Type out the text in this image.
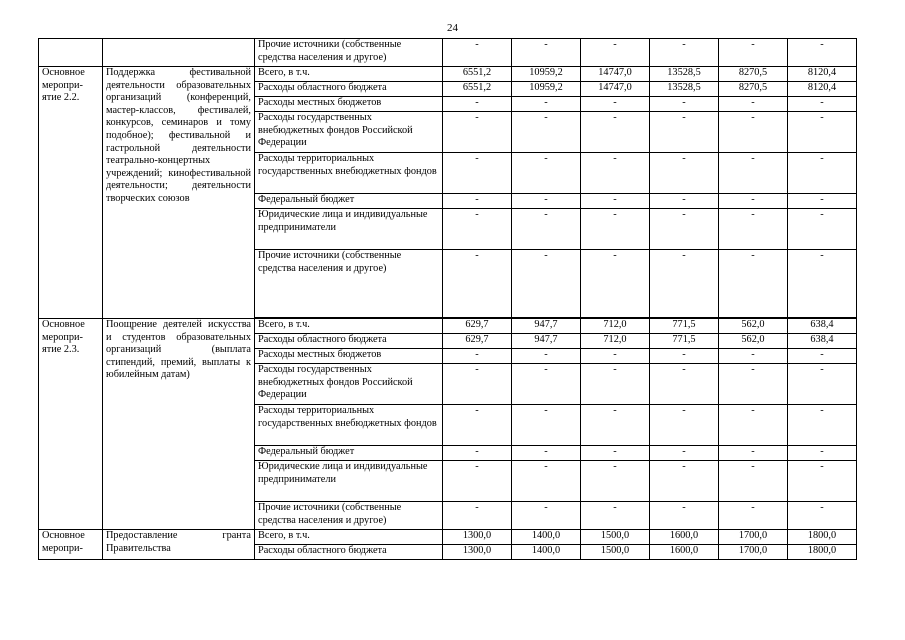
24
		Прочие источники (собственные средства населения и другое)	-	-	-	-	-	-
Основное меропри-ятие 2.2.	Поддержка фестивальной деятельности образовательных организаций (конференций, мастер-классов, фестивалей, конкурсов, семинаров и тому подобное); фестивальной и гастрольной деятельности театрально-концертных учреждений; кинофестивальной деятельности; деятельности творческих союзов	Всего, в т.ч.	6551,2	10959,2	14747,0	13528,5	8270,5	8120,4
		Расходы областного бюджета	6551,2	10959,2	14747,0	13528,5	8270,5	8120,4
		Расходы местных бюджетов	-	-	-	-	-	-
		Расходы государственных внебюджетных фондов Российской Федерации	-	-	-	-	-	-
		Расходы территориальных государственных внебюджетных фондов	-	-	-	-	-	-
		Федеральный бюджет	-	-	-	-	-	-
		Юридические лица и индивидуальные предприниматели	-	-	-	-	-	-
		Прочие источники (собственные средства населения и другое)	-	-	-	-	-	-

Основное меропри-ятие 2.3.	Поощрение деятелей искусства и студентов образовательных организаций (выплата стипендий, премий, выплаты к юбилейным датам)	Всего, в т.ч.	629,7	947,7	712,0	771,5	562,0	638,4
		Расходы областного бюджета	629,7	947,7	712,0	771,5	562,0	638,4
		Расходы местных бюджетов	-	-	-	-	-	-
		Расходы государственных внебюджетных фондов Российской Федерации	-	-	-	-	-	-
		Расходы территориальных государственных внебюджетных фондов	-	-	-	-	-	-
		Федеральный бюджет	-	-	-	-	-	-
		Юридические лица и индивидуальные предприниматели	-	-	-	-	-	-
		Прочие источники (собственные средства населения и другое)	-	-	-	-	-	-
Основное меропри-	Предоставление гранта Правительства	Всего, в т.ч.	1300,0	1400,0	1500,0	1600,0	1700,0	1800,0
		Расходы областного бюджета	1300,0	1400,0	1500,0	1600,0	1700,0	1800,0
